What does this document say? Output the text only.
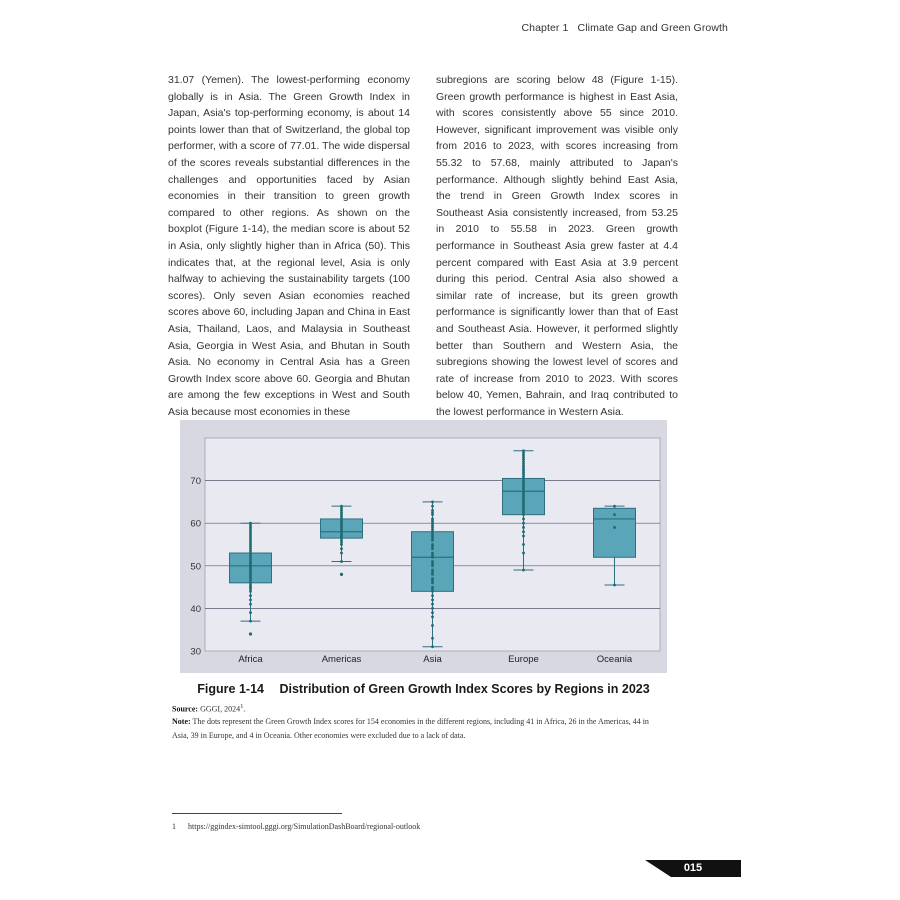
Chapter 1 Climate Gap and Green Growth

31.07 (Yemen). The lowest-performing economy globally is in Asia. The Green Growth Index in Japan, Asia's top-performing economy, is about 14 points lower than that of Switzerland, the global top performer, with a score of 77.01. The wide dispersal of the scores reveals substantial differences in the challenges and opportunities faced by Asian economies in their transition to green growth compared to other regions. As shown on the boxplot (Figure 1-14), the median score is about 52 in Asia, only slightly higher than in Africa (50). This indicates that, at the regional level, Asia is only halfway to achieving the sustainability targets (100 scores). Only seven Asian economies reached scores above 60, including Japan and China in East Asia, Thailand, Laos, and Malaysia in Southeast Asia, Georgia in West Asia, and Bhutan in South Asia. No economy in Central Asia has a Green Growth Index score above 60. Georgia and Bhutan are among the few exceptions in West and South Asia because most economies in these

subregions are scoring below 48 (Figure 1-15). Green growth performance is highest in East Asia, with scores consistently above 55 since 2010. However, significant improvement was visible only from 2016 to 2023, with scores increasing from 55.32 to 57.68, mainly attributed to Japan's performance. Although slightly behind East Asia, the trend in Green Growth Index scores in Southeast Asia consistently increased, from 53.25 in 2010 to 55.58 in 2023. Green growth performance in Southeast Asia grew faster at 4.4 percent compared with East Asia at 3.9 percent during this period. Central Asia also showed a similar rate of increase, but its green growth performance is significantly lower than that of East and Southeast Asia. However, it performed slightly better than Southern and Western Asia, the subregions showing the lowest level of scores and rate of increase from 2010 to 2023. With scores below 40, Yemen, Bahrain, and Iraq contributed to the lowest performance in Western Asia.

30
40
50
60
70
Africa	Americas	Asia	Europe	Oceania
Figure 1-14 Distribution of Green Growth Index Scores by Regions in 2023
Source: GGGI, 2024$^1$.
Note: The dots represent the Green Growth Index scores for 154 economies in the different regions, including 41 in Africa, 26 in the Americas, 44 in Asia, 39 in Europe, and 4 in Oceania. Other economies were excluded due to a lack of data.
1 https://ggindex-simtool.gggi.org/SimulationDashBoard/regional-outlook
015
